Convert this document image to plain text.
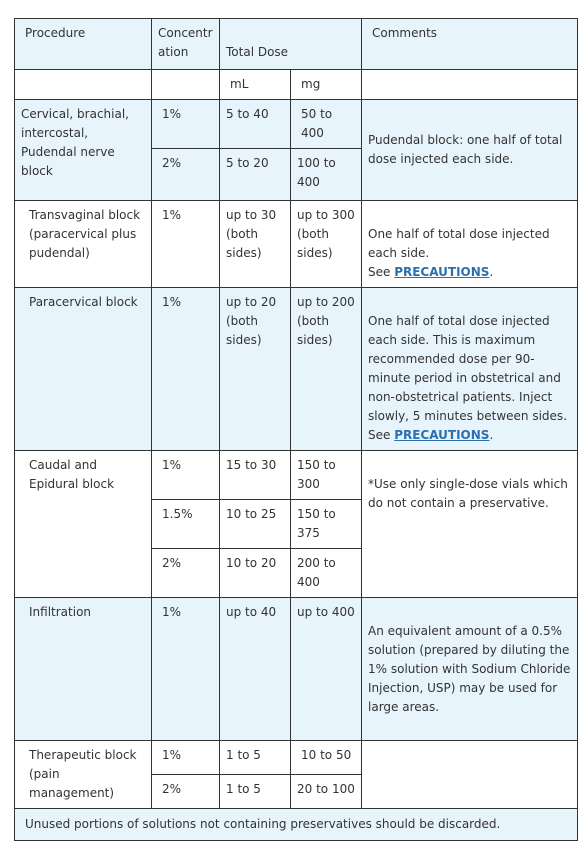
Procedure	Concentr ation	Total Dose		Comments
		mL	mg	
Cervical, brachial, intercostal, Pudendal nerve block	1%	5 to 40	50 to 400	Pudendal block: one half of total dose injected each side.
	2%	5 to 20	100 to 400	
Transvaginal block (paracervical plus pudendal)	1%	up to 30 (both sides)	up to 300 (both sides)	One half of total dose injected each side.
See PRECAUTIONS.
Paracervical block	1%	up to 20 (both sides)	up to 200 (both sides)	One half of total dose injected each side. This is maximum recommended dose per 90-minute period in obstetrical and non-obstetrical patients. Inject slowly, 5 minutes between sides. See PRECAUTIONS.
Caudal and Epidural block	1%	15 to 30	150 to 300	*Use only single-dose vials which do not contain a preservative.
	1.5%	10 to 25	150 to 375	
	2%	10 to 20	200 to 400	
Infiltration	1%	up to 40	up to 400	An equivalent amount of a 0.5% solution (prepared by diluting the 1% solution with Sodium Chloride Injection, USP) may be used for large areas.
Therapeutic block (pain management)	1%	1 to 5	10 to 50	
	2%	1 to 5	20 to 100	
Unused portions of solutions not containing preservatives should be discarded.				
